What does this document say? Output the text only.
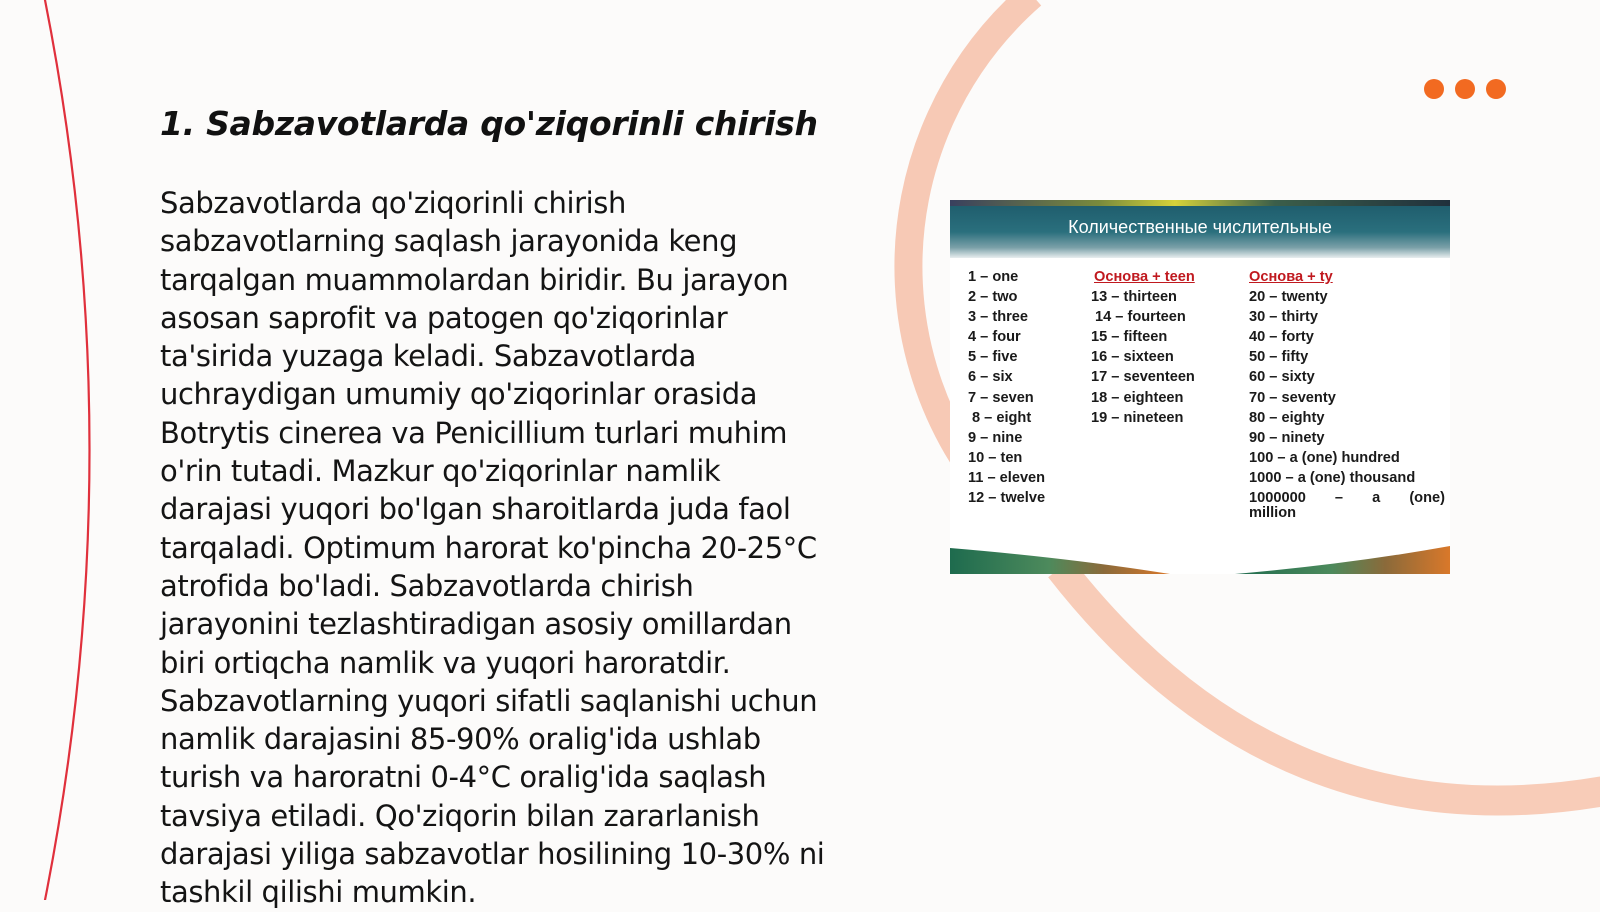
1. Sabzavotlarda qo'ziqorinli chirish

Sabzavotlarda qo'ziqorinli chirish sabzavotlarning saqlash jarayonida keng tarqalgan muammolardan biridir. Bu jarayon asosan saprofit va patogen qo'ziqorinlar ta'sirida yuzaga keladi. Sabzavotlarda uchraydigan umumiy qo'ziqorinlar orasida Botrytis cinerea va Penicillium turlari muhim o'rin tutadi. Mazkur qo'ziqorinlar namlik darajasi yuqori bo'lgan sharoitlarda juda faol tarqaladi. Optimum harorat ko'pincha 20-25°C atrofida bo'ladi. Sabzavotlarda chirish jarayonini tezlashtiradigan asosiy omillardan biri ortiqcha namlik va yuqori haroratdir. Sabzavotlarning yuqori sifatli saqlanishi uchun namlik darajasini 85-90% oralig'ida ushlab turish va haroratni 0-4°C oralig'ida saqlash tavsiya etiladi. Qo'ziqorin bilan zararlanish darajasi yiliga sabzavotlar hosilining 10-30% ni tashkil qilishi mumkin.

Количественные числительные
1 – one
2 – two
3 – three
4 – four
5 – five
6 – six
7 – seven
8 – eight
9 – nine
10 – ten
11 – eleven
12 – twelve
Основа + teen
13 – thirteen
14 – fourteen
15 – fifteen
16 – sixteen
17 – seventeen
18 – eighteen
19 – nineteen
Основа + ty
20 – twenty
30 – thirty
40 – forty
50 – fifty
60 – sixty
70 – seventy
80 – eighty
90 – ninety
100 – a (one) hundred
1000 – a (one) thousand
1000000 – a (one)
million
